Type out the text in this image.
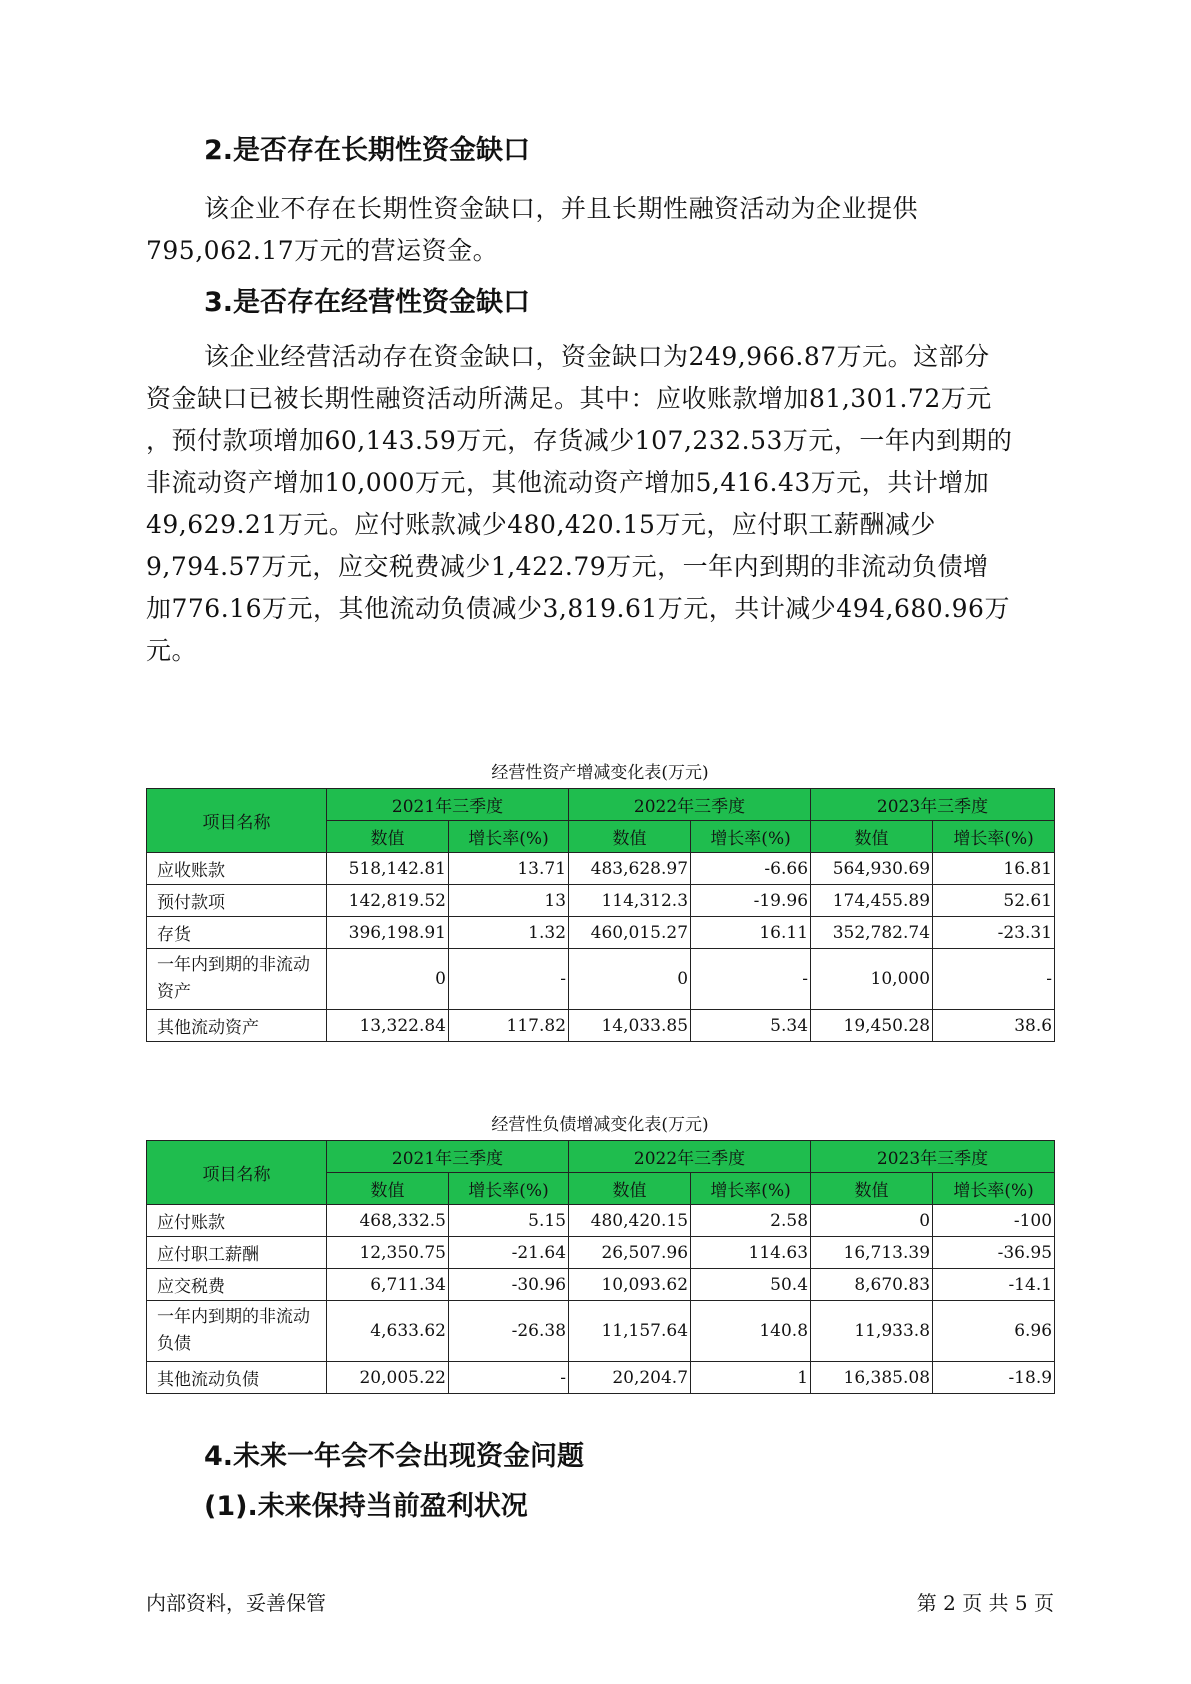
2.是否存在长期性资金缺口
该企业不存在长期性资金缺口，并且长期性融资活动为企业提供
795,062.17万元的营运资金。
3.是否存在经营性资金缺口
该企业经营活动存在资金缺口，资金缺口为249,966.87万元。这部分
资金缺口已被长期性融资活动所满足。其中：应收账款增加81,301.72万元
，预付款项增加60,143.59万元，存货减少107,232.53万元，一年内到期的
非流动资产增加10,000万元，其他流动资产增加5,416.43万元，共计增加
49,629.21万元。应付账款减少480,420.15万元，应付职工薪酬减少
9,794.57万元，应交税费减少1,422.79万元，一年内到期的非流动负债增
加776.16万元，其他流动负债减少3,819.61万元，共计减少494,680.96万
元。
经营性资产增减变化表(万元)
项目名称	2021年三季度		2022年三季度		2023年三季度	
	数值	增长率(%)	数值	增长率(%)	数值	增长率(%)
应收账款	518,142.81	13.71	483,628.97	-6.66	564,930.69	16.81
预付款项	142,819.52	13	114,312.3	-19.96	174,455.89	52.61
存货	396,198.91	1.32	460,015.27	16.11	352,782.74	-23.31
一年内到期的非流动资产	0	-	0	-	10,000	-
其他流动资产	13,322.84	117.82	14,033.85	5.34	19,450.28	38.6
经营性负债增减变化表(万元)
项目名称	2021年三季度		2022年三季度		2023年三季度	
	数值	增长率(%)	数值	增长率(%)	数值	增长率(%)
应付账款	468,332.5	5.15	480,420.15	2.58	0	-100
应付职工薪酬	12,350.75	-21.64	26,507.96	114.63	16,713.39	-36.95
应交税费	6,711.34	-30.96	10,093.62	50.4	8,670.83	-14.1
一年内到期的非流动负债	4,633.62	-26.38	11,157.64	140.8	11,933.8	6.96
其他流动负债	20,005.22	-	20,204.7	1	16,385.08	-18.9
4.未来一年会不会出现资金问题
(1).未来保持当前盈利状况
内部资料，妥善保管	第 2 页 共 5 页
